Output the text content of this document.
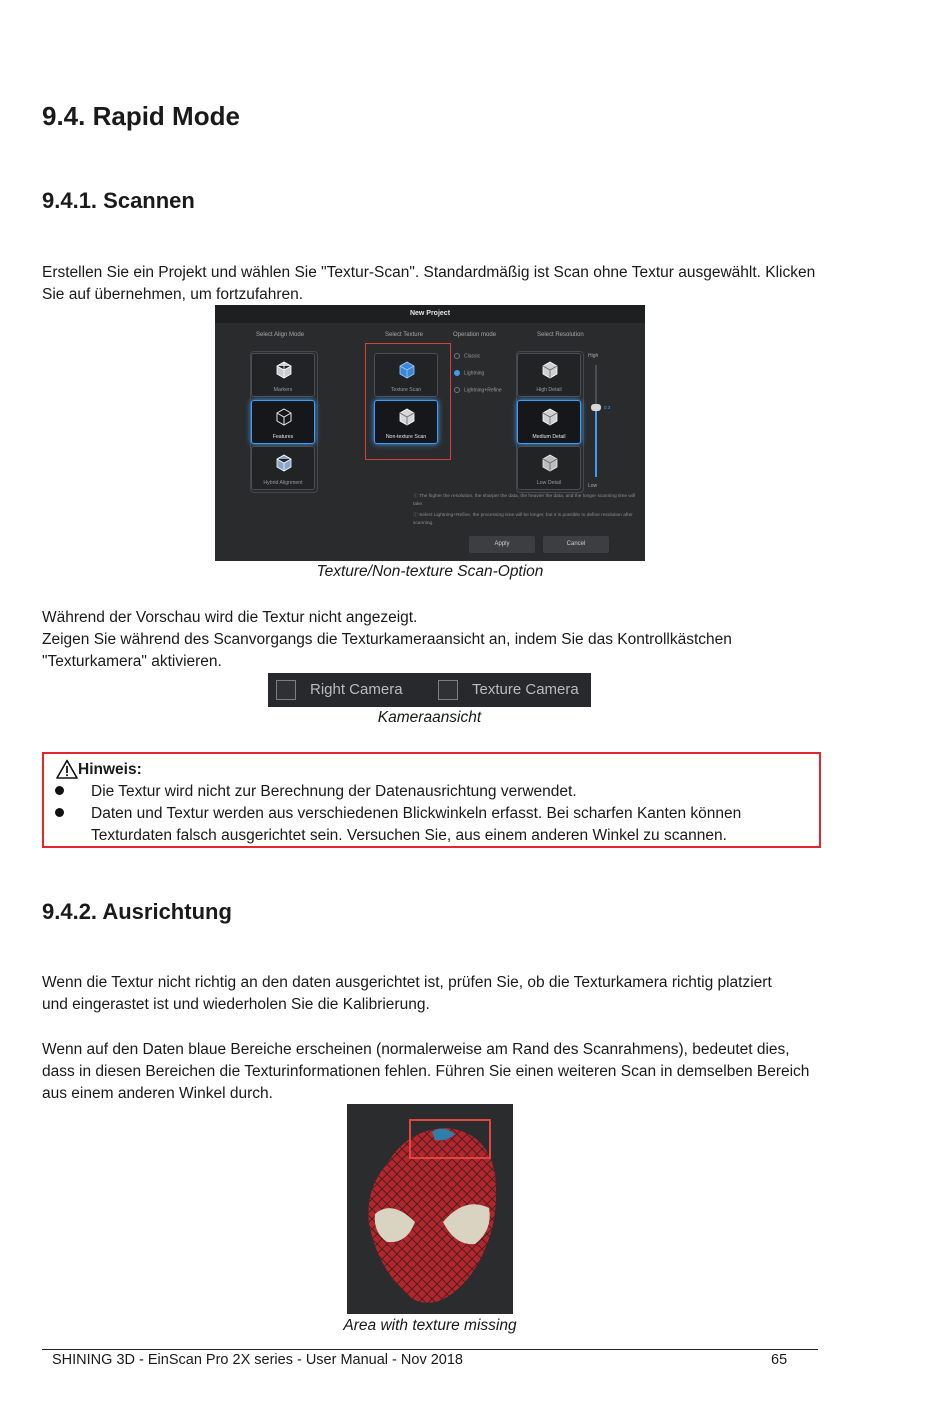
9.4. Rapid Mode
9.4.1. Scannen

Erstellen Sie ein Projekt und wählen Sie "Textur-Scan". Standardmäßig ist Scan ohne Textur ausgewählt. Klicken

Sie auf übernehmen, um fortzufahren.

New Project
Select Align Mode	Select Texture	Operation mode	Select Resolution
Markers
Features
Hybrid Alignment
Texture Scan
Non-texture Scan
Classic
Lightning
Lightning+Refine	High Detail
Medium Detail
Low Detail
High
0.3
Low
ⓘ The higher the resolution, the sharper the data, the heavier the data, and the longer scanning time will take.
ⓘ Select Lightning+Refine, the processing time will be longer, but it is possible to define resolution after scanning.
Apply	Cancel
Texture/Non-texture Scan-Option

Während der Vorschau wird die Textur nicht angezeigt.

Zeigen Sie während des Scanvorgangs die Texturkameraansicht an, indem Sie das Kontrollkästchen

"Texturkamera" aktivieren.

Right Camera	Texture Camera
Kameraansicht
Hinweis:
Die Textur wird nicht zur Berechnung der Datenausrichtung verwendet.
Daten und Textur werden aus verschiedenen Blickwinkeln erfasst. Bei scharfen Kanten können
Texturdaten falsch ausgerichtet sein. Versuchen Sie, aus einem anderen Winkel zu scannen.
9.4.2. Ausrichtung

Wenn die Textur nicht richtig an den daten ausgerichtet ist, prüfen Sie, ob die Texturkamera richtig platziert

und eingerastet ist und wiederholen Sie die Kalibrierung.

Wenn auf den Daten blaue Bereiche erscheinen (normalerweise am Rand des Scanrahmens), bedeutet dies,

dass in diesen Bereichen die Texturinformationen fehlen. Führen Sie einen weiteren Scan in demselben Bereich

aus einem anderen Winkel durch.

Area with texture missing
SHINING 3D - EinScan Pro 2X series - User Manual - Nov 2018	65
